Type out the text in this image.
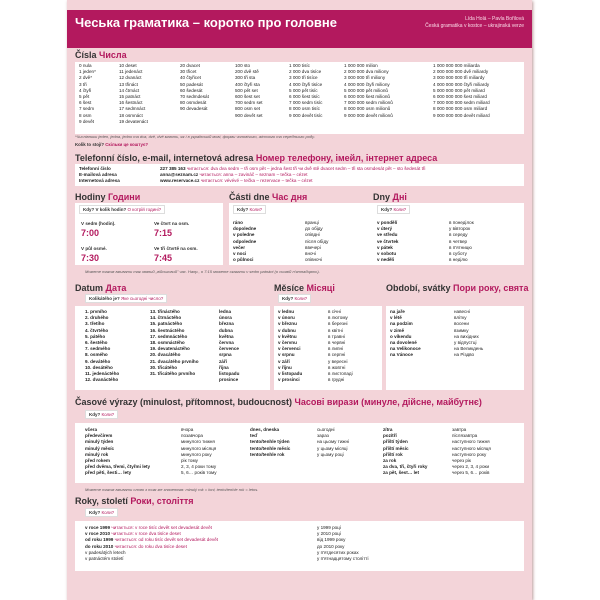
Чеська граматика – коротко про головне	Lída Holá – Pavla Bořilová
Česká gramatika v kostce – ukrajinská verze
Čísla Числа
0 nula
1 jeden*
2 dvě*
3 tři
4 čtyři
5 pět
6 šest
7 sedm
8 osm
9 devět
10 deset
11 jedenáct
12 dvanáct
13 třináct
14 čtrnáct
15 patnáct
16 šestnáct
17 sedmnáct
18 osmnáct
19 devatenáct
20 dvacet
30 třicet
40 čtyřicet
50 padesát
60 šedesát
70 sedmdesát
80 osmdesát
90 devadesát
100 sto
200 dvě stě
300 tři sta
400 čtyři sta
500 pět set
600 šest set
700 sedm set
800 osm set
900 devět set
1 000 tisíc
2 000 dva tisíce
3 000 tři tisíce
4 000 čtyři tisíce
5 000 pět tisíc
6 000 šest tisíc
7 000 sedm tisíc
8 000 osm tisíc
9 000 devět tisíc
1 000 000 milion
2 000 000 dva miliony
3 000 000 tři miliony
4 000 000 čtyři miliony
5 000 000 pět milionů
6 000 000 šest milionů
7 000 000 sedm milionů
8 000 000 osm milionů
9 000 000 devět milionů
1 000 000 000 miliarda
2 000 000 000 dvě miliardy
3 000 000 000 tři miliardy
4 000 000 000 čtyři miliardy
5 000 000 000 pět miliard
6 000 000 000 šest miliard
7 000 000 000 sedm miliard
8 000 000 000 osm miliard
9 000 000 000 devět miliard
*Числівники jeden, jedna, jedno та dva, dvě, dvě мають, як і в українській мові, форми чоловічого, жіночого та середнього роду.
Kolik to stojí? Скільки це коштує?
Telefonní číslo, e-mail, internetová adresa Номер телефону, імейл, інтернет адреса
Telefonní číslo
E-mailová adresa
Internetová adresa
227 385 163 читається: dva dva sedm – tři osm pět – jedna šest tři чи dvě stě dvacet sedm – tři sta osmdesát pět – sto šedesát tři
anna@seznam.cz читається: anna – zavináč – seznam – tečka – cézet
www.reservace.cz читається: vévévé – tečka – rezervace – tečka – cézet
Hodiny Години
Kdy? V kolik hodin? О котрій годині?
V sedm (hodin).
7:00
Ve čtvrt na osm.
7:15
V půl osmé.
7:30
Ve tři čtvrtě na osm.
7:45
Části dne Час дня
Kdy? Коли?
ráno
dopoledne
v poledne
odpoledne
večer
v noci
o půlnoci
вранці
до обіду
опівдні
після обіду
ввечері
вночі
опівночі
Dny Дні
Kdy? Коли?
v pondělí
v úterý
ve středu
ve čtvrtek
v pátek
v sobotu
v neděli
в понеділок
у вівторок
в середу
в четвер
в п'ятницю
в суботу
в неділю
Можете також вживати так званий „військовий" час. Напр., о 7:15 можете сказати v sedm patnáct (о сьомій п'ятнадцять).
Datum Дата
Kolikátého je? Яке сьогодні число?
1. prvního
2. druhého
3. třetího
4. čtvrtého
5. pátého
6. šestého
7. sedmého
8. osmého
9. devátého
10. desátého
11. jedenáctého
12. dvanáctého
13. třináctého
14. čtrnáctého
15. patnáctého
16. šestnáctého
17. sedmnáctého
18. osmnáctého
19. devatenáctého
20. dvacátého
21. dvacátého prvního
30. třicátého
31. třicátého prvního
ledna
února
března
dubna
května
června
července
srpna
září
října
listopadu
prosince
Měsíce Місяці
Kdy? Коли?
v lednu
v únoru
v březnu
v dubnu
v květnu
v červnu
v červenci
v srpnu
v září
v říjnu
v listopadu
v prosinci
в січні
в лютому
в березні
в квітні
в травні
в червні
в липні
в серпні
у вересні
в жовтні
в листопаді
в грудні
Období, svátky Пори року, свята
na jaře
v létě
na podzim
v zimě
o víkendu
na dovolené
na Velikonoce
na Vánoce
навесні
влітку
восени
взимку
на вихідних
у відпустці
на Великдень
на Різдво
Časové výrazy (minulost, přítomnost, budoucnost) Часові вирази (минуле, дійсне, майбутнє)
Kdy? Коли?
včera
předevčírem
minulý týden
minulý měsíc
minulý rok
před rokem
před dvěma, třemi, čtyřmi lety
před pěti, šesti… lety
вчора
позавчора
минулого тижня
минулого місяця
минулого року
рік тому
2, 3, 4 роки тому
5, 6… років тому
dnes, dneska
teď
tento/tenhle týden
tento/tenhle měsíc
tento/tenhle rok
сьогодні
зараз
на цьому тижні
у цьому місяці
у цьому році
zítra
pozítří
příští týden
příští měsíc
příští rok
za rok
za dva, tři, čtyři roky
za pět, šest… let
завтра
післязавтра
наступного тижня
наступного місяця
наступного року
через рік
через 2, 3, 4 роки
через 5, 6… років
Можете також вживати слово з тим же значенням: minulý rok = loni, tento/tenhle rok = letos.
Roky, století Роки, століття
Kdy? Коли?
v roce 1999 читається: v roce tisíc devět set devadesát devět
v roce 2010 читається: v roce dva tisíce deset
od roku 1999 читається: od roku tisíc devět set devadesát devět
do roku 2010 читається: do roku dva tisíce deset
v padesátých letech
v patnáctém století
у 1999 році
у 2010 році
від 1999 року
до 2010 року
у п'ятдесятих роках
у п'ятнадцятому столітті
